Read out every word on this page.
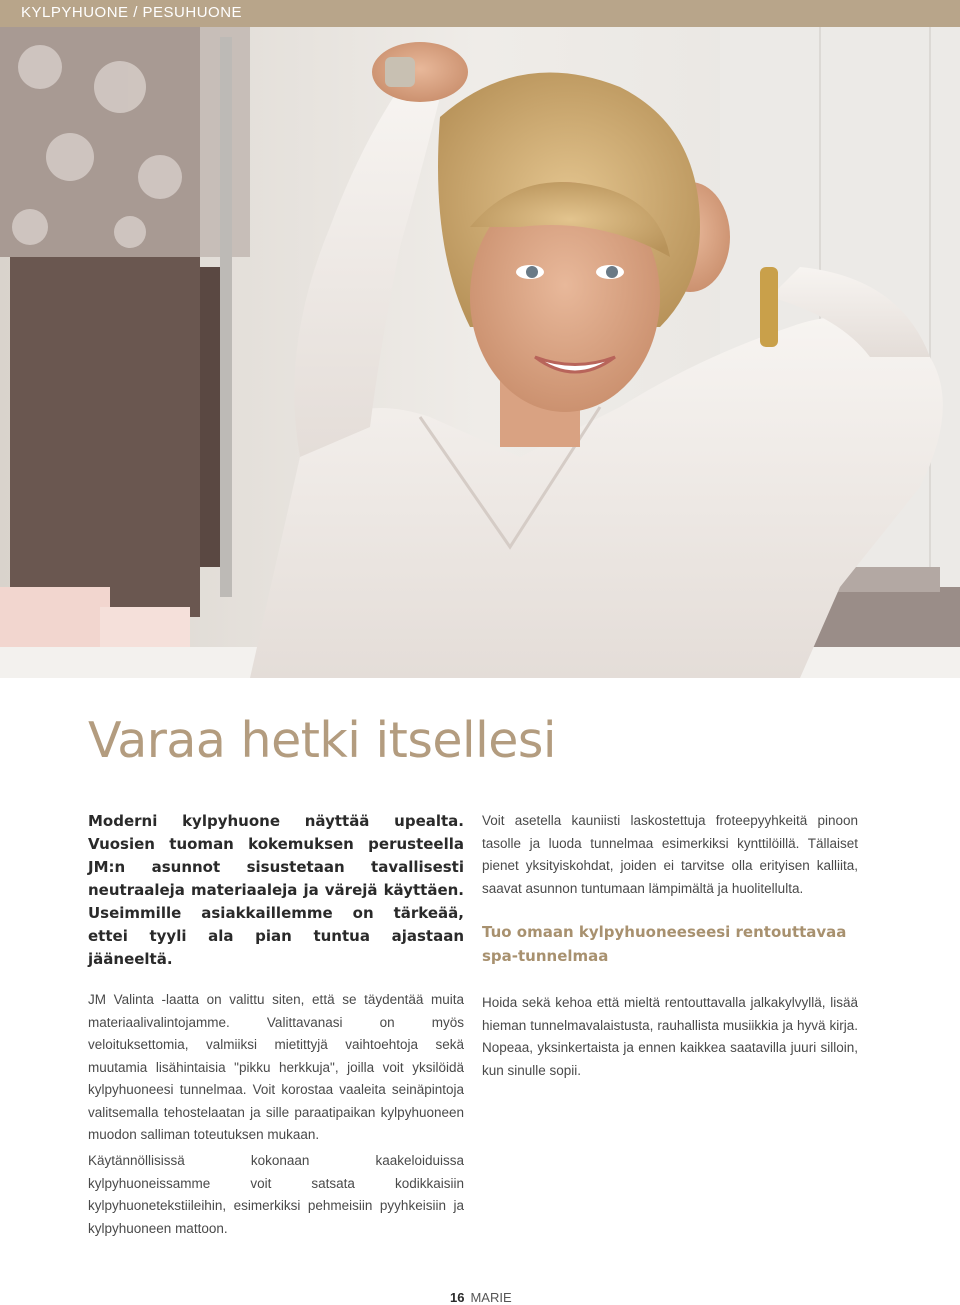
KYLPYHUONE / PESUHUONE
Varaa hetki itsellesi

Moderni kylpyhuone näyttää upealta. Vuosien tuoman kokemuksen perusteella JM:n asunnot sisustetaan tavallisesti neutraaleja materiaaleja ja värejä käyttäen. Useimmille asiakkaillemme on tärkeää, ettei tyyli ala pian tuntua ajastaan jääneeltä.

JM Valinta -laatta on valittu siten, että se täydentää muita materiaalivalintojamme. Valittavanasi on myös veloituksettomia, valmiiksi mietittyjä vaihtoehtoja sekä muutamia lisähintaisia "pikku herkkuja", joilla voit yksilöidä kylpyhuoneesi tunnelmaa. Voit korostaa vaaleita seinäpintoja valitsemalla tehostelaatan ja sille paraatipaikan kylpyhuoneen muodon salliman toteutuksen mukaan.

Käytännöllisissä kokonaan kaakeloiduissa kylpyhuoneissamme voit satsata kodikkaisiin kylpyhuonetekstiileihin, esimerkiksi pehmeisiin pyyhkeisiin ja kylpyhuoneen mattoon.

Voit asetella kauniisti laskostettuja froteepyyhkeitä pinoon tasolle ja luoda tunnelmaa esimerkiksi kynttilöillä. Tällaiset pienet yksityiskohdat, joiden ei tarvitse olla erityisen kalliita, saavat asunnon tuntumaan lämpimältä ja huolitellulta.

Tuo omaan kylpyhuoneeseesi rentouttavaa spa-tunnelmaa

Hoida sekä kehoa että mieltä rentouttavalla jalkakylvyllä, lisää hieman tunnelmavalaistusta, rauhallista musiikkia ja hyvä kirja. Nopeaa, yksinkertaista ja ennen kaikkea saatavilla juuri silloin, kun sinulle sopii.

16 MARIE
